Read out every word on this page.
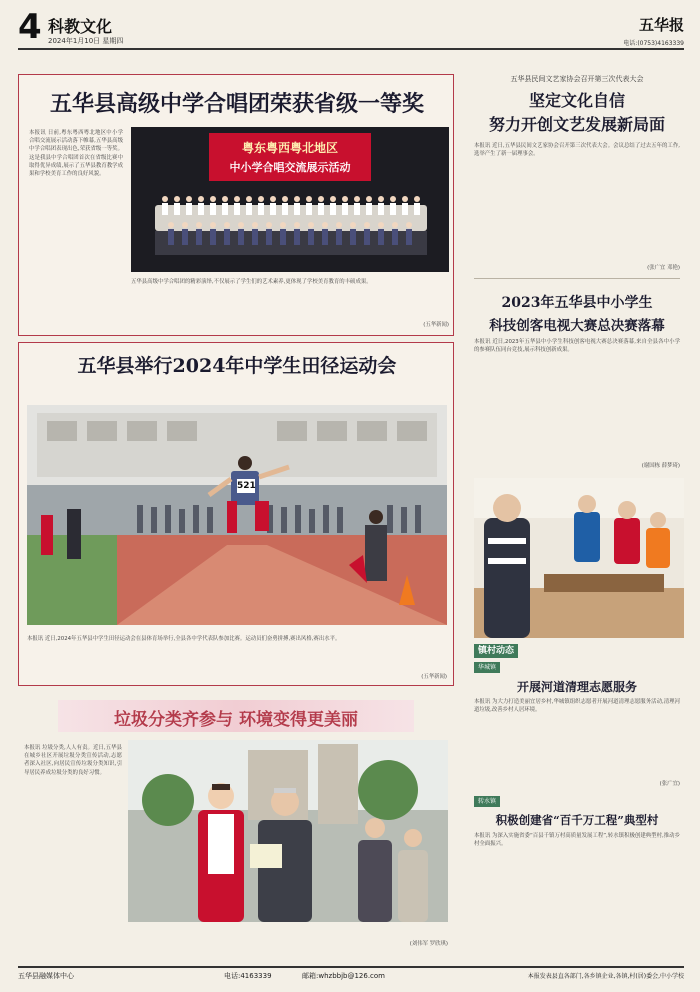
4 科教文化
2024年1月10日 星期四
五华报
电话:(0753)4163339
五华县高级中学合唱团荣获省级一等奖
本报讯 日前,粤东粤西粤北地区中小学合唱交流展示活动落下帷幕,五华县高级中学合唱团表现出色,荣获省级一等奖。这是我县中学合唱团首次在省级比赛中取得优异成绩,展示了五华县教育教学成果和学校美育工作的良好风貌。
粤东粤西粤北地区
中小学合唱交流展示活动
五华县高级中学合唱团的精彩演绎,不仅展示了学生们的艺术素养,更体现了学校美育教育的丰硕成果。
(五华新闻)
五华县举行2024年中学生田径运动会
521
本报讯 近日,2024年五华县中学生田径运动会在县体育场举行,全县各中学代表队参加比赛。运动员们奋勇拼搏,赛出风格,赛出水平。
(五华新闻)
垃圾分类齐参与 环境变得更美丽
本报讯 垃圾分类,人人有责。近日,五华县在城乡社区开展垃圾分类宣传活动,志愿者深入社区,向居民宣传垃圾分类知识,引导居民养成垃圾分类的良好习惯。
(刘伟军 罗欣琪)
五华县民间文艺家协会召开第三次代表大会
坚定文化自信
努力开创文艺发展新局面
本报讯 近日,五华县民间文艺家协会召开第三次代表大会。会议总结了过去五年的工作,选举产生了新一届理事会。
(张广宜 邓艳)
2023年五华县中小学生
科技创客电视大赛总决赛落幕
本报讯 近日,2023年五华县中小学生科技创客电视大赛总决赛落幕,来自全县各中小学的参赛队伍同台竞技,展示科技创新成果。
(谢国栋 薛梦琦)
镇村动态
华城镇
开展河道清理志愿服务
本报讯 为大力打造美丽宜居乡村,华城镇组织志愿者开展河道清理志愿服务活动,清理河道垃圾,改善乡村人居环境。
(张广宜)
转水镇
积极创建省“百千万工程”典型村
本报讯 为深入实施省委“百县千镇万村高质量发展工程”,转水镇积极创建典型村,推动乡村全面振兴。
五华县融媒体中心	电话:4163339	邮箱:whzbbjb@126.com	本报发表县直各部门,各乡镇企业,各镇,村(居)委会,中小学校
